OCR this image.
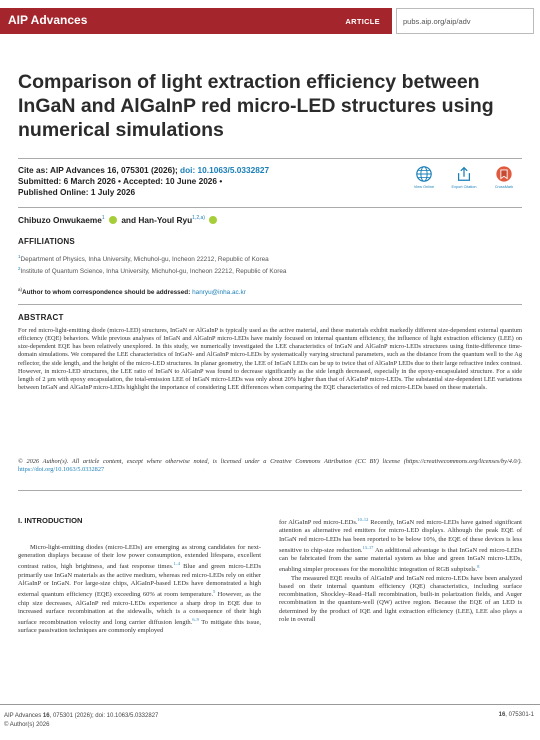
AIP Advances	ARTICLE	pubs.aip.org/aip/adv
Comparison of light extraction efficiency between InGaN and AlGaInP red micro-LED structures using numerical simulations
Cite as: AIP Advances 16, 075301 (2026); doi: 10.1063/5.0332827
Submitted: 6 March 2026 • Accepted: 10 June 2026 •
Published Online: 1 July 2026	View Online	Export Citation	CrossMark
Chibuzo Onwukaeme$^1$ and Han-Youl Ryu$^{1,2,a)}$
AFFILIATIONS
$^1$Department of Physics, Inha University, Michuhol-gu, Incheon 22212, Republic of Korea
$^2$Institute of Quantum Science, Inha University, Michuhol-gu, Incheon 22212, Republic of Korea
$^{a)}$Author to whom correspondence should be addressed: hanryu@inha.ac.kr
ABSTRACT

For red micro-light-emitting diode (micro-LED) structures, InGaN or AlGaInP is typically used as the active material, and these materials exhibit markedly different size-dependent external quantum efficiency (EQE) behaviors. While previous analyses of InGaN and AlGaInP micro-LEDs have mainly focused on internal quantum efficiency, the influence of light extraction efficiency (LEE) on size-dependent EQE has been relatively unexplored. In this study, we numerically investigated the LEE characteristics of InGaN and AlGaInP micro-LEDs structures using finite-difference time-domain simulations. We compared the LEE characteristics of InGaN- and AlGaInP micro-LEDs by systematically varying structural parameters, such as the distance from the quantum well to the Ag reflector, the side length, and the height of the micro-LED structures. In planar geometry, the LEE of InGaN LEDs can be up to twice that of AlGaInP LEDs due to their large refractive index contrast. However, in micro-LED structures, the LEE ratio of InGaN to AlGaInP was found to decrease significantly as the side length decreased, especially in the epoxy-encapsulated structure. For a side length of 2 µm with epoxy encapsulation, the total-emission LEE of InGaN micro-LEDs was only about 20% higher than that of AlGaInP micro-LEDs. The substantial size-dependent LEE variations between InGaN and AlGaInP micro-LEDs highlight the importance of considering LEE differences when comparing the EQE characteristics of red micro-LEDs based on these materials.

© 2026 Author(s). All article content, except where otherwise noted, is licensed under a Creative Commons Attribution (CC BY) license (https://creativecommons.org/licenses/by/4.0/). https://doi.org/10.1063/5.0332827

I. INTRODUCTION

Micro-light-emitting diodes (micro-LEDs) are emerging as strong candidates for next-generation displays because of their low power consumption, extended lifespans, excellent contrast ratios, high brightness, and fast response times.$^{1-4}$ Blue and green micro-LEDs primarily use InGaN materials as the active medium, whereas red micro-LEDs rely on either AlGaInP or InGaN. For large-size chips, AlGaInP-based LEDs have demonstrated a high external quantum efficiency (EQE) exceeding 60% at room temperature.$^5$ However, as the chip size decreases, AlGaInP red micro-LEDs experience a sharp drop in EQE due to increased surface recombination at the sidewalls, which is a consequence of their high surface recombination velocity and long carrier diffusion length.$^{6-9}$ To mitigate this issue, surface passivation techniques are commonly employed

for AlGaInP red micro-LEDs.$^{10-12}$ Recently, InGaN red micro-LEDs have gained significant attention as alternative red emitters for micro-LED displays. Although the peak EQE of InGaN red micro-LEDs has been reported to be below 10%, the EQE of these devices is less sensitive to chip-size reduction.$^{13-17}$ An additional advantage is that InGaN red micro-LEDs can be fabricated from the same material system as blue and green InGaN micro-LEDs, enabling simpler processes for the monolithic integration of RGB subpixels.$^8$

The measured EQE results of AlGaInP and InGaN red micro-LEDs have been analyzed based on their internal quantum efficiency (IQE) characteristics, including surface recombination, Shockley–Read–Hall recombination, built-in polarization fields, and Auger recombination in the quantum-well (QW) active region. Because the EQE of an LED is determined by the product of IQE and light extraction efficiency (LEE), LEE also plays a role in overall

AIP Advances 16, 075301 (2026); doi: 10.1063/5.0332827
© Author(s) 2026
16, 075301-1
